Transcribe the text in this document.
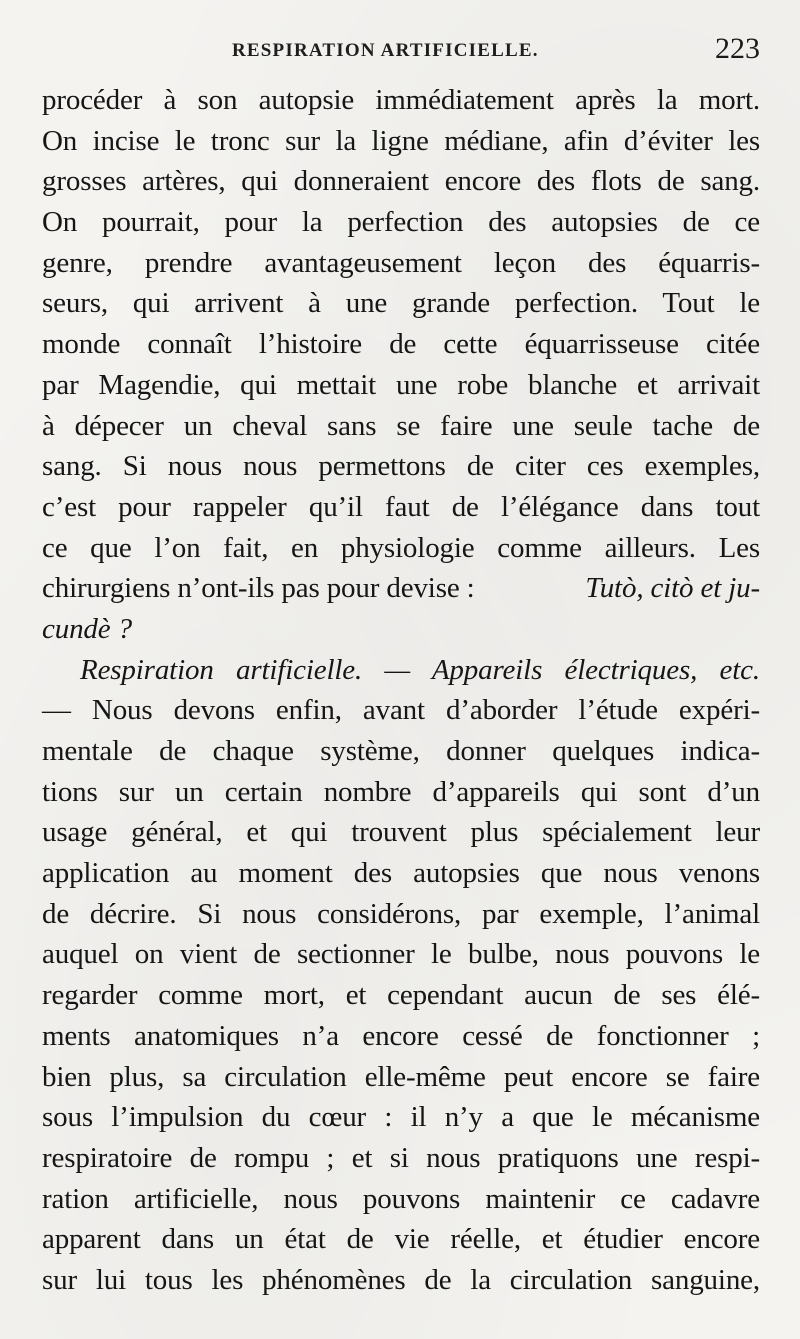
RESPIRATION ARTIFICIELLE.	223
procéder à son autopsie immédiatement après la mort.
On incise le tronc sur la ligne médiane, afin d’éviter les
grosses artères, qui donneraient encore des flots de sang.
On pourrait, pour la perfection des autopsies de ce
genre, prendre avantageusement leçon des équarris-
seurs, qui arrivent à une grande perfection. Tout le
monde connaît l’histoire de cette équarrisseuse citée
par Magendie, qui mettait une robe blanche et arrivait
à dépecer un cheval sans se faire une seule tache de
sang. Si nous nous permettons de citer ces exemples,
c’est pour rappeler qu’il faut de l’élégance dans tout
ce que l’on fait, en physiologie comme ailleurs. Les
chirurgiens n’ont-ils pas pour devise :	Tutò, citò et ju-
cundè ?
Respiration artificielle. — Appareils électriques, etc.
— Nous devons enfin, avant d’aborder l’étude expéri-
mentale de chaque système, donner quelques indica-
tions sur un certain nombre d’appareils qui sont d’un
usage général, et qui trouvent plus spécialement leur
application au moment des autopsies que nous venons
de décrire. Si nous considérons, par exemple, l’animal
auquel on vient de sectionner le bulbe, nous pouvons le
regarder comme mort, et cependant aucun de ses élé-
ments anatomiques n’a encore cessé de fonctionner ;
bien plus, sa circulation elle-même peut encore se faire
sous l’impulsion du cœur : il n’y a que le mécanisme
respiratoire de rompu ; et si nous pratiquons une respi-
ration artificielle, nous pouvons maintenir ce cadavre
apparent dans un état de vie réelle, et étudier encore
sur lui tous les phénomènes de la circulation sanguine,
